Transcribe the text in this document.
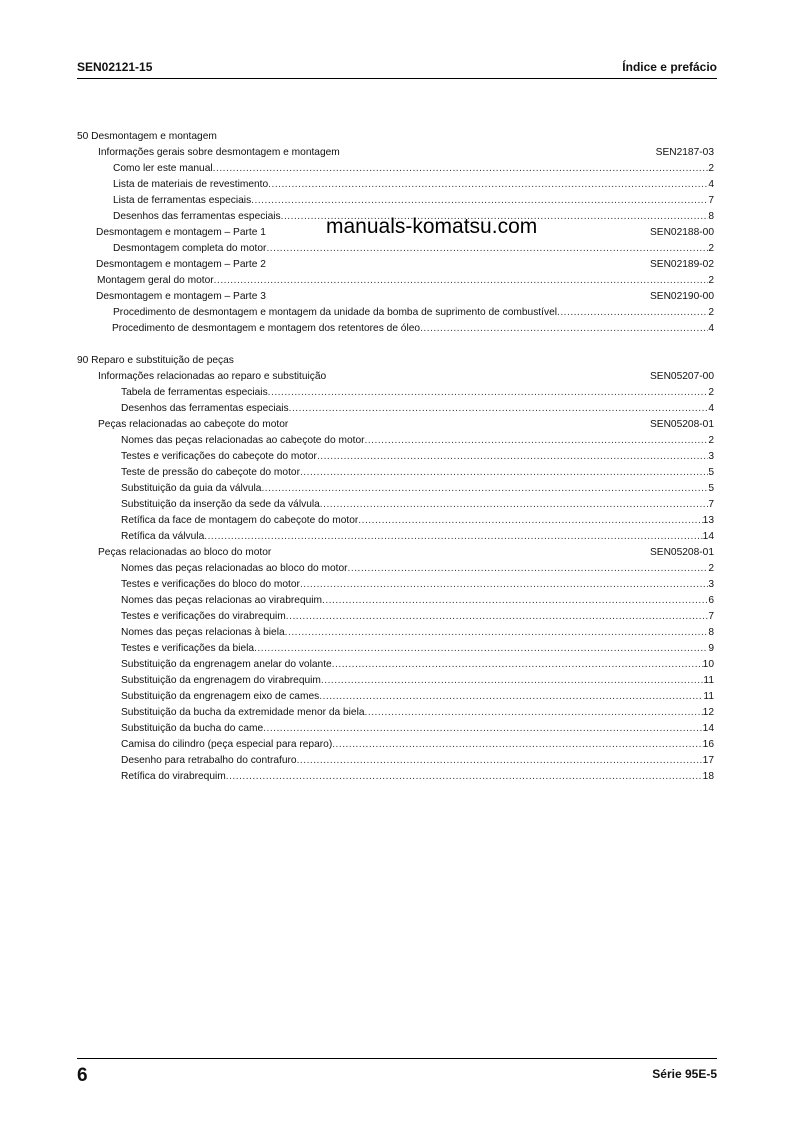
SEN02121-15	Índice e prefácio
50 Desmontagem e montagem
Informações gerais sobre desmontagem e montagem	SEN2187-03
Como ler este manual .....	2
Lista de materiais de revestimento .....	4
Lista de ferramentas especiais .....	7
Desenhos das ferramentas especiais .....	8
Desmontagem e montagem – Parte 1	SEN02188-00
Desmontagem completa do motor .....	2
Desmontagem e montagem – Parte 2	SEN02189-02
Montagem geral do motor .....	2
Desmontagem e montagem – Parte 3	SEN02190-00
Procedimento de desmontagem e montagem da unidade da bomba de suprimento de combustível .....	2
Procedimento de desmontagem e montagem dos retentores de óleo .....	4
90 Reparo e substituição de peças
Informações relacionadas ao reparo e substituição	SEN05207-00
Tabela de ferramentas especiais .....	2
Desenhos das ferramentas especiais .....	4
Peças relacionadas ao cabeçote do motor	SEN05208-01
Nomes das peças relacionadas ao cabeçote do motor .....	2
Testes e verificações do cabeçote do motor .....	3
Teste de pressão do cabeçote do motor .....	5
Substituição da guia da válvula .....	5
Substituição da inserção da sede da válvula .....	7
Retífica da face de montagem do cabeçote do motor .....	13
Retífica da válvula .....	14
Peças relacionadas ao bloco do motor	SEN05208-01
Nomes das peças relacionadas ao bloco do motor .....	2
Testes e verificações do bloco do motor .....	3
Nomes das peças relacionas ao virabrequim .....	6
Testes e verificações do virabrequim .....	7
Nomes das peças relacionas à biela .....	8
Testes e verificações da biela .....	9
Substituição da engrenagem anelar do volante .....	10
Substituição da engrenagem do virabrequim .....	11
Substituição da engrenagem eixo de cames .....	11
Substituição da bucha da extremidade menor da biela .....	12
Substituição da bucha do came .....	14
Camisa do cilindro (peça especial para reparo) .....	16
Desenho para retrabalho do contrafuro .....	17
Retífica do virabrequim .....	18
manuals-komatsu.com
6	Série 95E-5
